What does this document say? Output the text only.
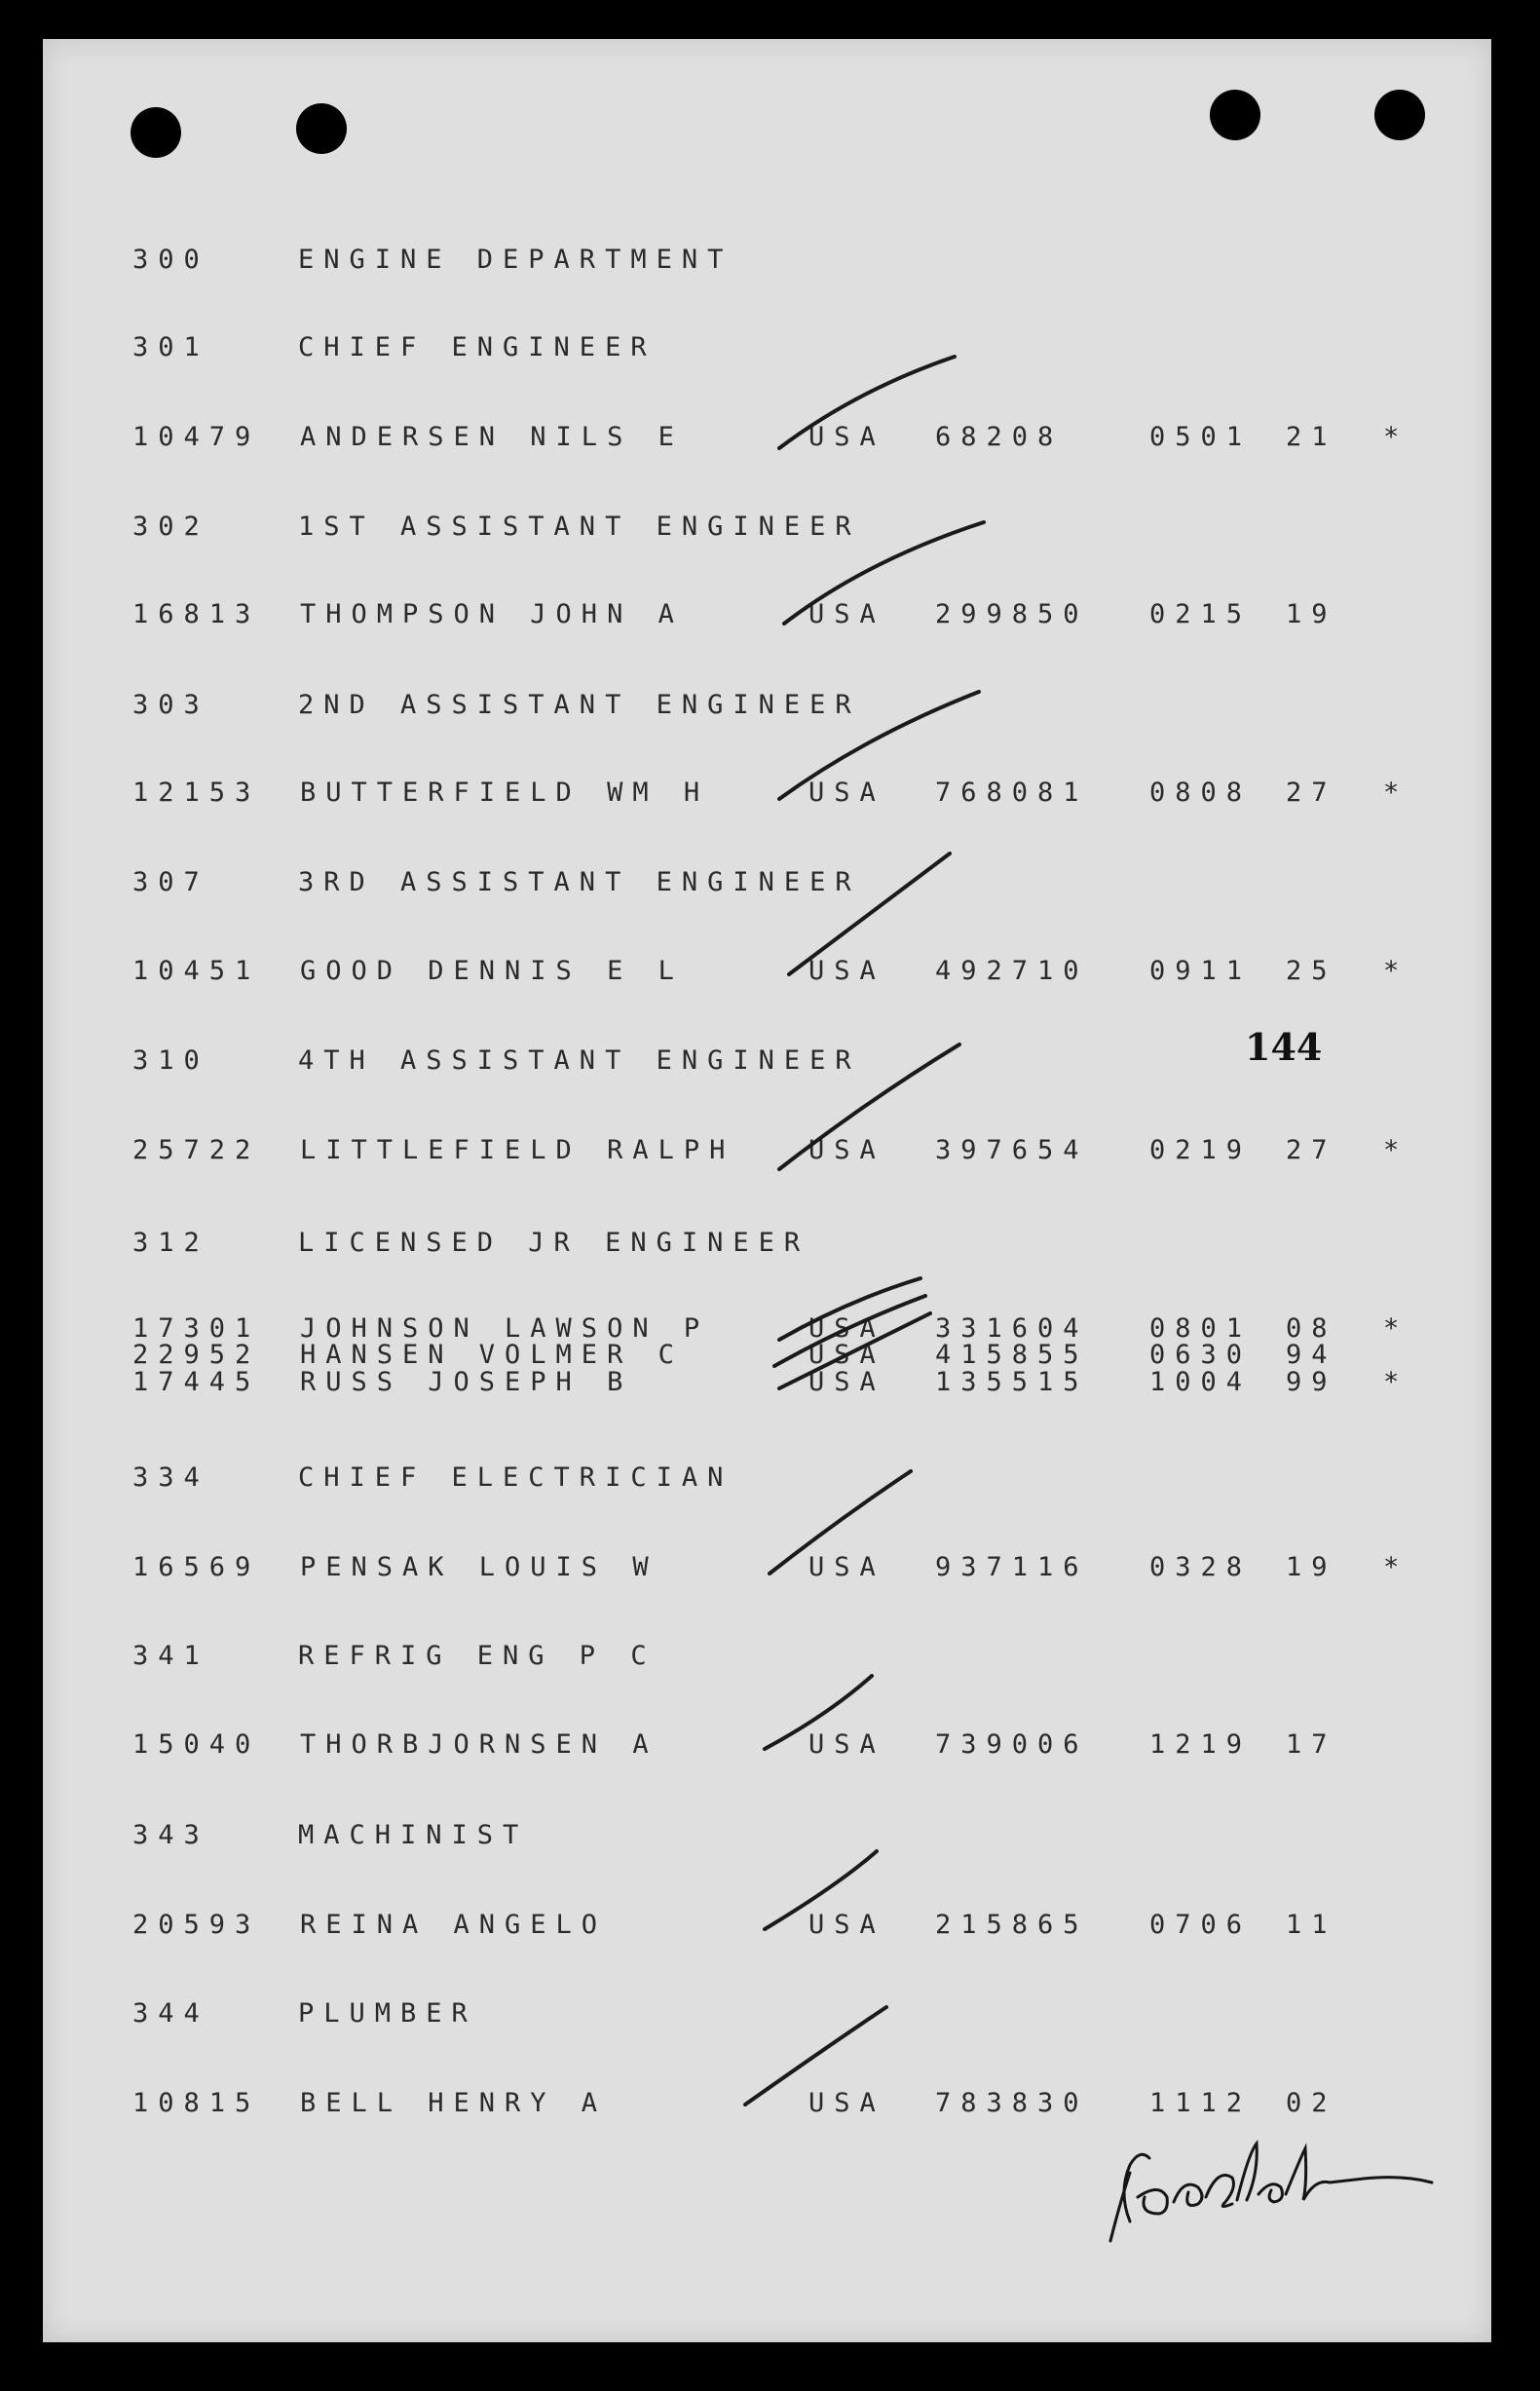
300	ENGINE DEPARTMENT
301	CHIEF ENGINEER
10479 ANDERSEN NILS E	USA 68208	0501 21 *
302	1ST ASSISTANT ENGINEER
16813 THOMPSON JOHN A	USA 299850 0215 19
303	2ND ASSISTANT ENGINEER
12153 BUTTERFIELD WM H	USA 768081 0808 27 *
307	3RD ASSISTANT ENGINEER
10451 GOOD DENNIS E L	USA 492710 0911 25 *
310	4TH ASSISTANT ENGINEER
25722 LITTLEFIELD RALPH	USA 397654 0219 27 *
312	LICENSED JR ENGINEER
17301 JOHNSON LAWSON P	USA 331604 0801 08 *
22952 HANSEN VOLMER C	USA 415855 0630 94
17445 RUSS JOSEPH B	USA 135515 1004 99 *
334	CHIEF ELECTRICIAN
16569 PENSAK LOUIS W	USA 937116 0328 19 *
341	REFRIG ENG P C
15040 THORBJORNSEN A	USA 739006 1219 17
343	MACHINIST
20593 REINA ANGELO	USA 215865 0706 11
344	PLUMBER
10815 BELL HENRY A	USA 783830 1112 02
144
